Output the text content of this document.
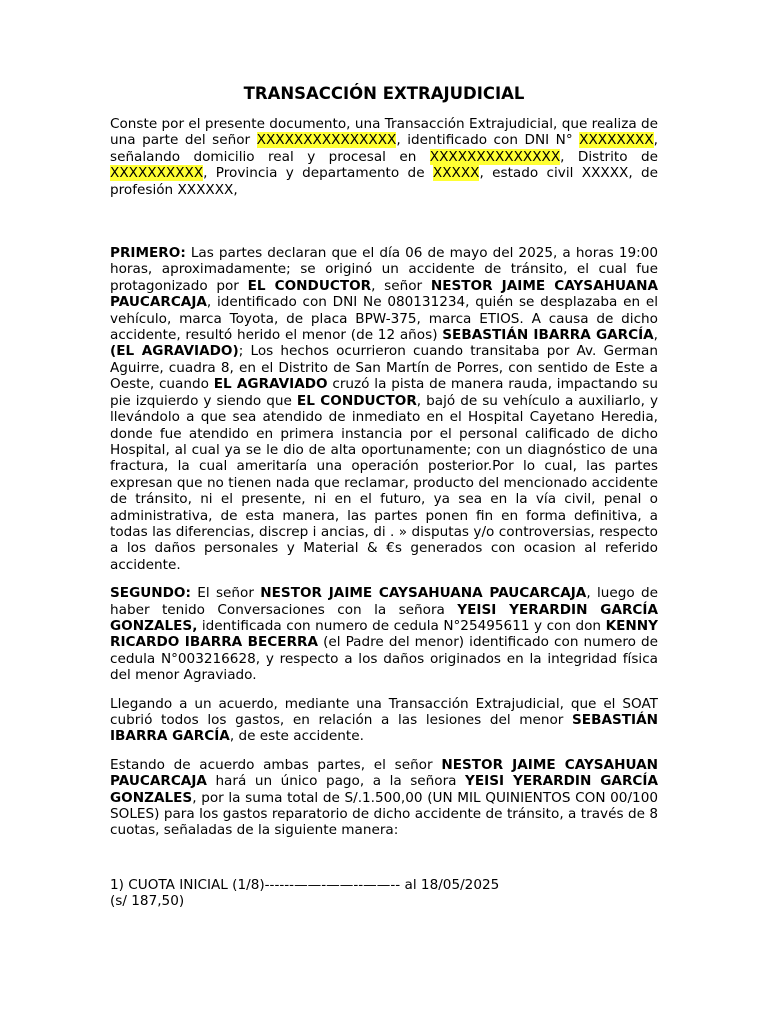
TRANSACCIÓN EXTRAJUDICIAL

Conste por el presente documento, una Transacción Extrajudicial, que realiza de una parte del señor XXXXXXXXXXXXXXX, identificado con DNI N° XXXXXXXX, señalando domicilio real y procesal en XXXXXXXXXXXXXX, Distrito de XXXXXXXXXX, Provincia y departamento de XXXXX, estado civil XXXXX, de profesión XXXXXX,

PRIMERO: Las partes declaran que el día 06 de mayo del 2025, a horas 19:00 horas, aproximadamente; se originó un accidente de tránsito, el cual fue protagonizado por EL CONDUCTOR, señor NESTOR JAIME CAYSAHUANA PAUCARCAJA, identificado con DNI Ne 080131234, quién se desplazaba en el vehículo, marca Toyota, de placa BPW-375, marca ETIOS. A causa de dicho accidente, resultó herido el menor (de 12 años) SEBASTIÁN IBARRA GARCÍA, (EL AGRAVIADO); Los hechos ocurrieron cuando transitaba por Av. German Aguirre, cuadra 8, en el Distrito de San Martín de Porres, con sentido de Este a Oeste, cuando EL AGRAVIADO cruzó la pista de manera rauda, impactando su pie izquierdo y siendo que EL CONDUCTOR, bajó de su vehículo a auxiliarlo, y llevándolo a que sea atendido de inmediato en el Hospital Cayetano Heredia, donde fue atendido en primera instancia por el personal calificado de dicho Hospital, al cual ya se le dio de alta oportunamente; con un diagnóstico de una fractura, la cual ameritaría una operación posterior.Por lo cual, las partes expresan que no tienen nada que reclamar, producto del mencionado accidente de tránsito, ni el presente, ni en el futuro, ya sea en la vía civil, penal o administrativa, de esta manera, las partes ponen fin en forma definitiva, a todas las diferencias, discrep i ancias, di . » disputas y/o controversias, respecto a los daños personales y Material & €s generados con ocasion al referido accidente.

SEGUNDO: El señor NESTOR JAIME CAYSAHUANA PAUCARCAJA, luego de haber tenido Conversaciones con la señora YEISI YERARDIN GARCÍA GONZALES, identificada con numero de cedula N°25495611 y con don KENNY RICARDO IBARRA BECERRA (el Padre del menor) identificado con numero de cedula N°003216628, y respecto a los daños originados en la integridad física del menor Agraviado.

Llegando a un acuerdo, mediante una Transacción Extrajudicial, que el SOAT cubrió todos los gastos, en relación a las lesiones del menor SEBASTIÁN IBARRA GARCÍA, de este accidente.

Estando de acuerdo ambas partes, el señor NESTOR JAIME CAYSAHUAN PAUCARCAJA hará un único pago, a la señora YEISI YERARDIN GARCÍA GONZALES, por la suma total de S/.1.500,00 (UN MIL QUINIENTOS CON 00/100 SOLES) para los gastos reparatorio de dicho accidente de tránsito, a través de 8 cuotas, señaladas de la siguiente manera:

1) CUOTA INICIAL (1/8)------——-——--——-- al 18/05/2025

(s/ 187,50)
